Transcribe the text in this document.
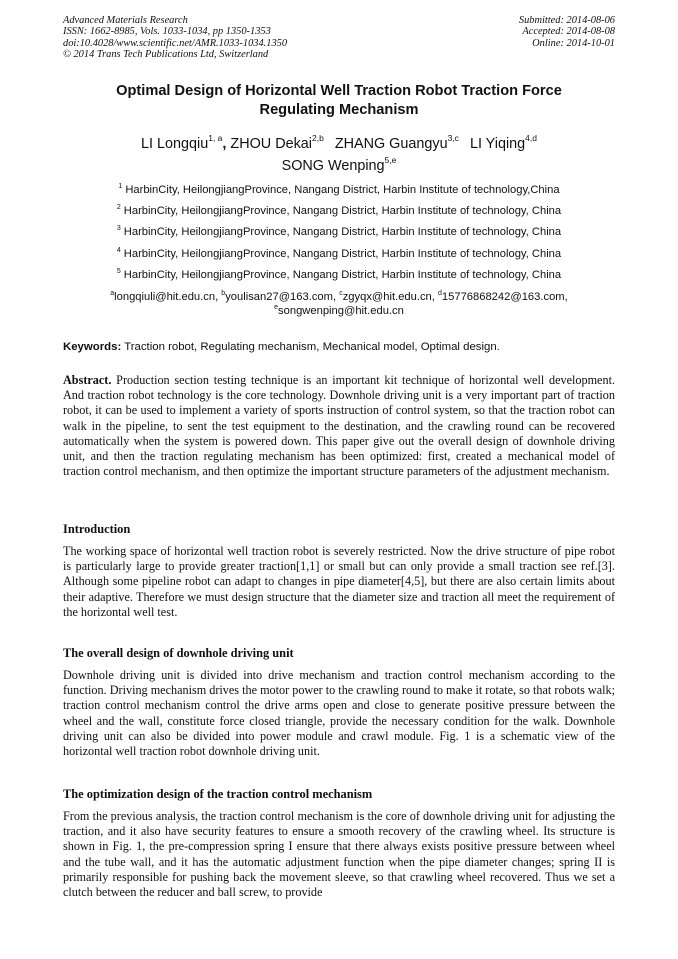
Advanced Materials Research
ISSN: 1662-8985, Vols. 1033-1034, pp 1350-1353
doi:10.4028/www.scientific.net/AMR.1033-1034.1350
© 2014 Trans Tech Publications Ltd, Switzerland
Submitted: 2014-08-06
Accepted: 2014-08-08
Online: 2014-10-01
Optimal Design of Horizontal Well Traction Robot Traction Force
Regulating Mechanism
LI Longqiu$^{1, a}$, ZHOU Dekai$^{2,b}$ ZHANG Guangyu$^{3,c}$ LI Yiqing$^{4,d}$
SONG Wenping$^{5,e}$
$^1$ HarbinCity, HeilongjiangProvince, Nangang District, Harbin Institute of technology,China
$^2$ HarbinCity, HeilongjiangProvince, Nangang District, Harbin Institute of technology, China
$^3$ HarbinCity, HeilongjiangProvince, Nangang District, Harbin Institute of technology, China
$^4$ HarbinCity, HeilongjiangProvince, Nangang District, Harbin Institute of technology, China
$^5$ HarbinCity, HeilongjiangProvince, Nangang District, Harbin Institute of technology, China
$^a$longqiuli@hit.edu.cn, $^b$youlisan27@163.com, $^c$zgyqx@hit.edu.cn, $^d$15776868242@163.com,
$^e$songwenping@hit.edu.cn
Keywords: Traction robot, Regulating mechanism, Mechanical model, Optimal design.
Abstract. Production section testing technique is an important kit technique of horizontal well development. And traction robot technology is the core technology. Downhole driving unit is a very important part of traction robot, it can be used to implement a variety of sports instruction of control system, so that the traction robot can walk in the pipeline, to sent the test equipment to the destination, and the crawling round can be recovered automatically when the system is powered down. This paper give out the overall design of downhole driving unit, and then the traction regulating mechanism has been optimized: first, created a mechanical model of traction control mechanism, and then optimize the important structure parameters of the adjustment mechanism.
Introduction
The working space of horizontal well traction robot is severely restricted. Now the drive structure of pipe robot is particularly large to provide greater traction[1,1] or small but can only provide a small traction see ref.[3]. Although some pipeline robot can adapt to changes in pipe diameter[4,5], but there are also certain limits about their adaptive. Therefore we must design structure that the diameter size and traction all meet the requirement of the horizontal well test.
The overall design of downhole driving unit
Downhole driving unit is divided into drive mechanism and traction control mechanism according to the function. Driving mechanism drives the motor power to the crawling round to make it rotate, so that robots walk; traction control mechanism control the drive arms open and close to generate positive pressure between the wheel and the wall, constitute force closed triangle, provide the necessary condition for the walk. Downhole driving unit can also be divided into power module and crawl module. Fig. 1 is a schematic view of the horizontal well traction robot downhole driving unit.
The optimization design of the traction control mechanism
From the previous analysis, the traction control mechanism is the core of downhole driving unit for adjusting the traction, and it also have security features to ensure a smooth recovery of the crawling wheel. Its structure is shown in Fig. 1, the pre-compression spring I ensure that there always exists positive pressure between wheel and the tube wall, and it has the automatic adjustment function when the pipe diameter changes; spring II is primarily responsible for pushing back the movement sleeve, so that crawling wheel recovered. Thus we set a clutch between the reducer and ball screw, to provide
